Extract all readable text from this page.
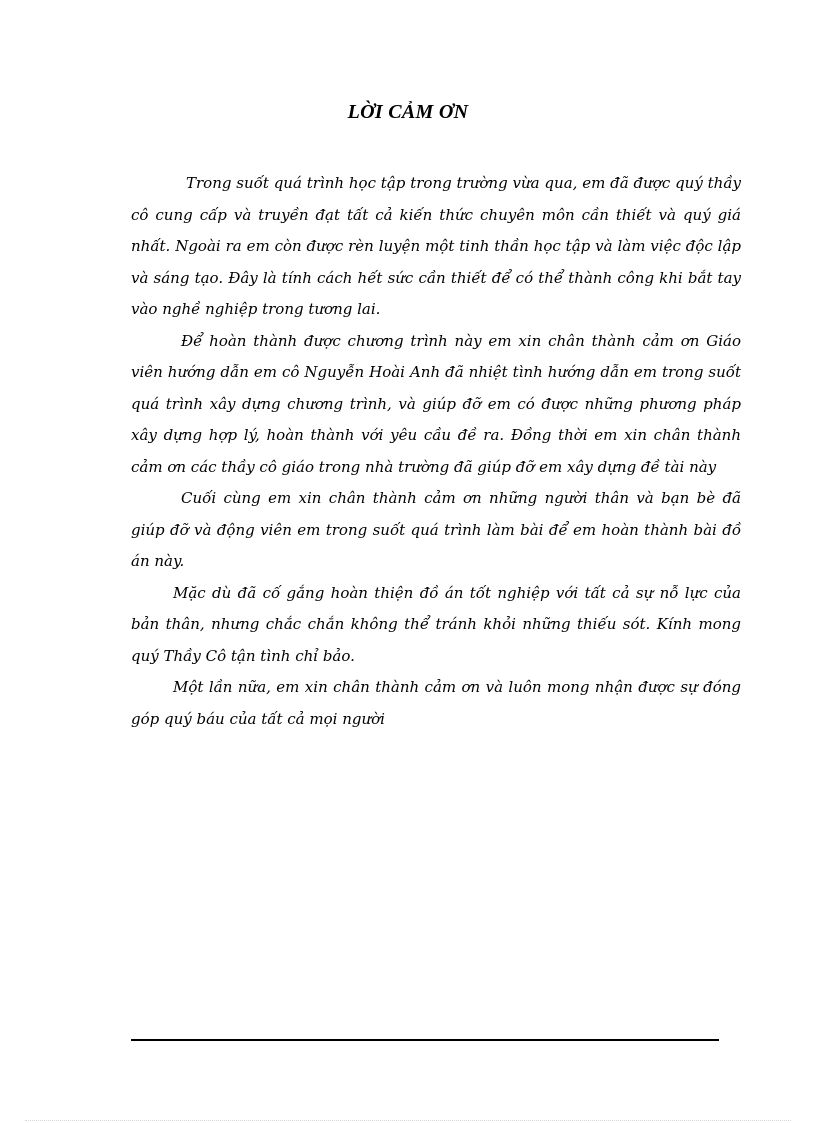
LỜI CẢM ƠN

Trong suốt quá trình học tập trong trường vừa qua, em đã được quý thầy cô cung cấp và truyền đạt tất cả kiến thức chuyên môn cần thiết và quý giá nhất. Ngoài ra em còn được rèn luyện một tinh thần học tập và làm việc độc lập và sáng tạo. Đây là tính cách hết sức cần thiết để có thể thành công khi bắt tay vào nghề nghiệp trong tương lai.

Để hoàn thành được chương trình này em xin chân thành cảm ơn Giáo viên hướng dẫn em cô Nguyễn Hoài Anh đã nhiệt tình hướng dẫn em trong suốt quá trình xây dựng chương trình, và giúp đỡ em có được những phương pháp xây dựng hợp lý, hoàn thành với yêu cầu đề ra. Đồng thời em xin chân thành cảm ơn các thầy cô giáo trong nhà trường đã giúp đỡ em xây dựng đề tài này

Cuối cùng em xin chân thành cảm ơn những người thân và bạn bè đã giúp đỡ và động viên em trong suốt quá trình làm bài để em hoàn thành bài đồ án này.

Mặc dù đã cố gắng hoàn thiện đồ án tốt nghiệp với tất cả sự nỗ lực của bản thân, nhưng chắc chắn không thể tránh khỏi những thiếu sót. Kính mong quý Thầy Cô tận tình chỉ bảo.

Một lần nữa, em xin chân thành cảm ơn và luôn mong nhận được sự đóng góp quý báu của tất cả mọi người
